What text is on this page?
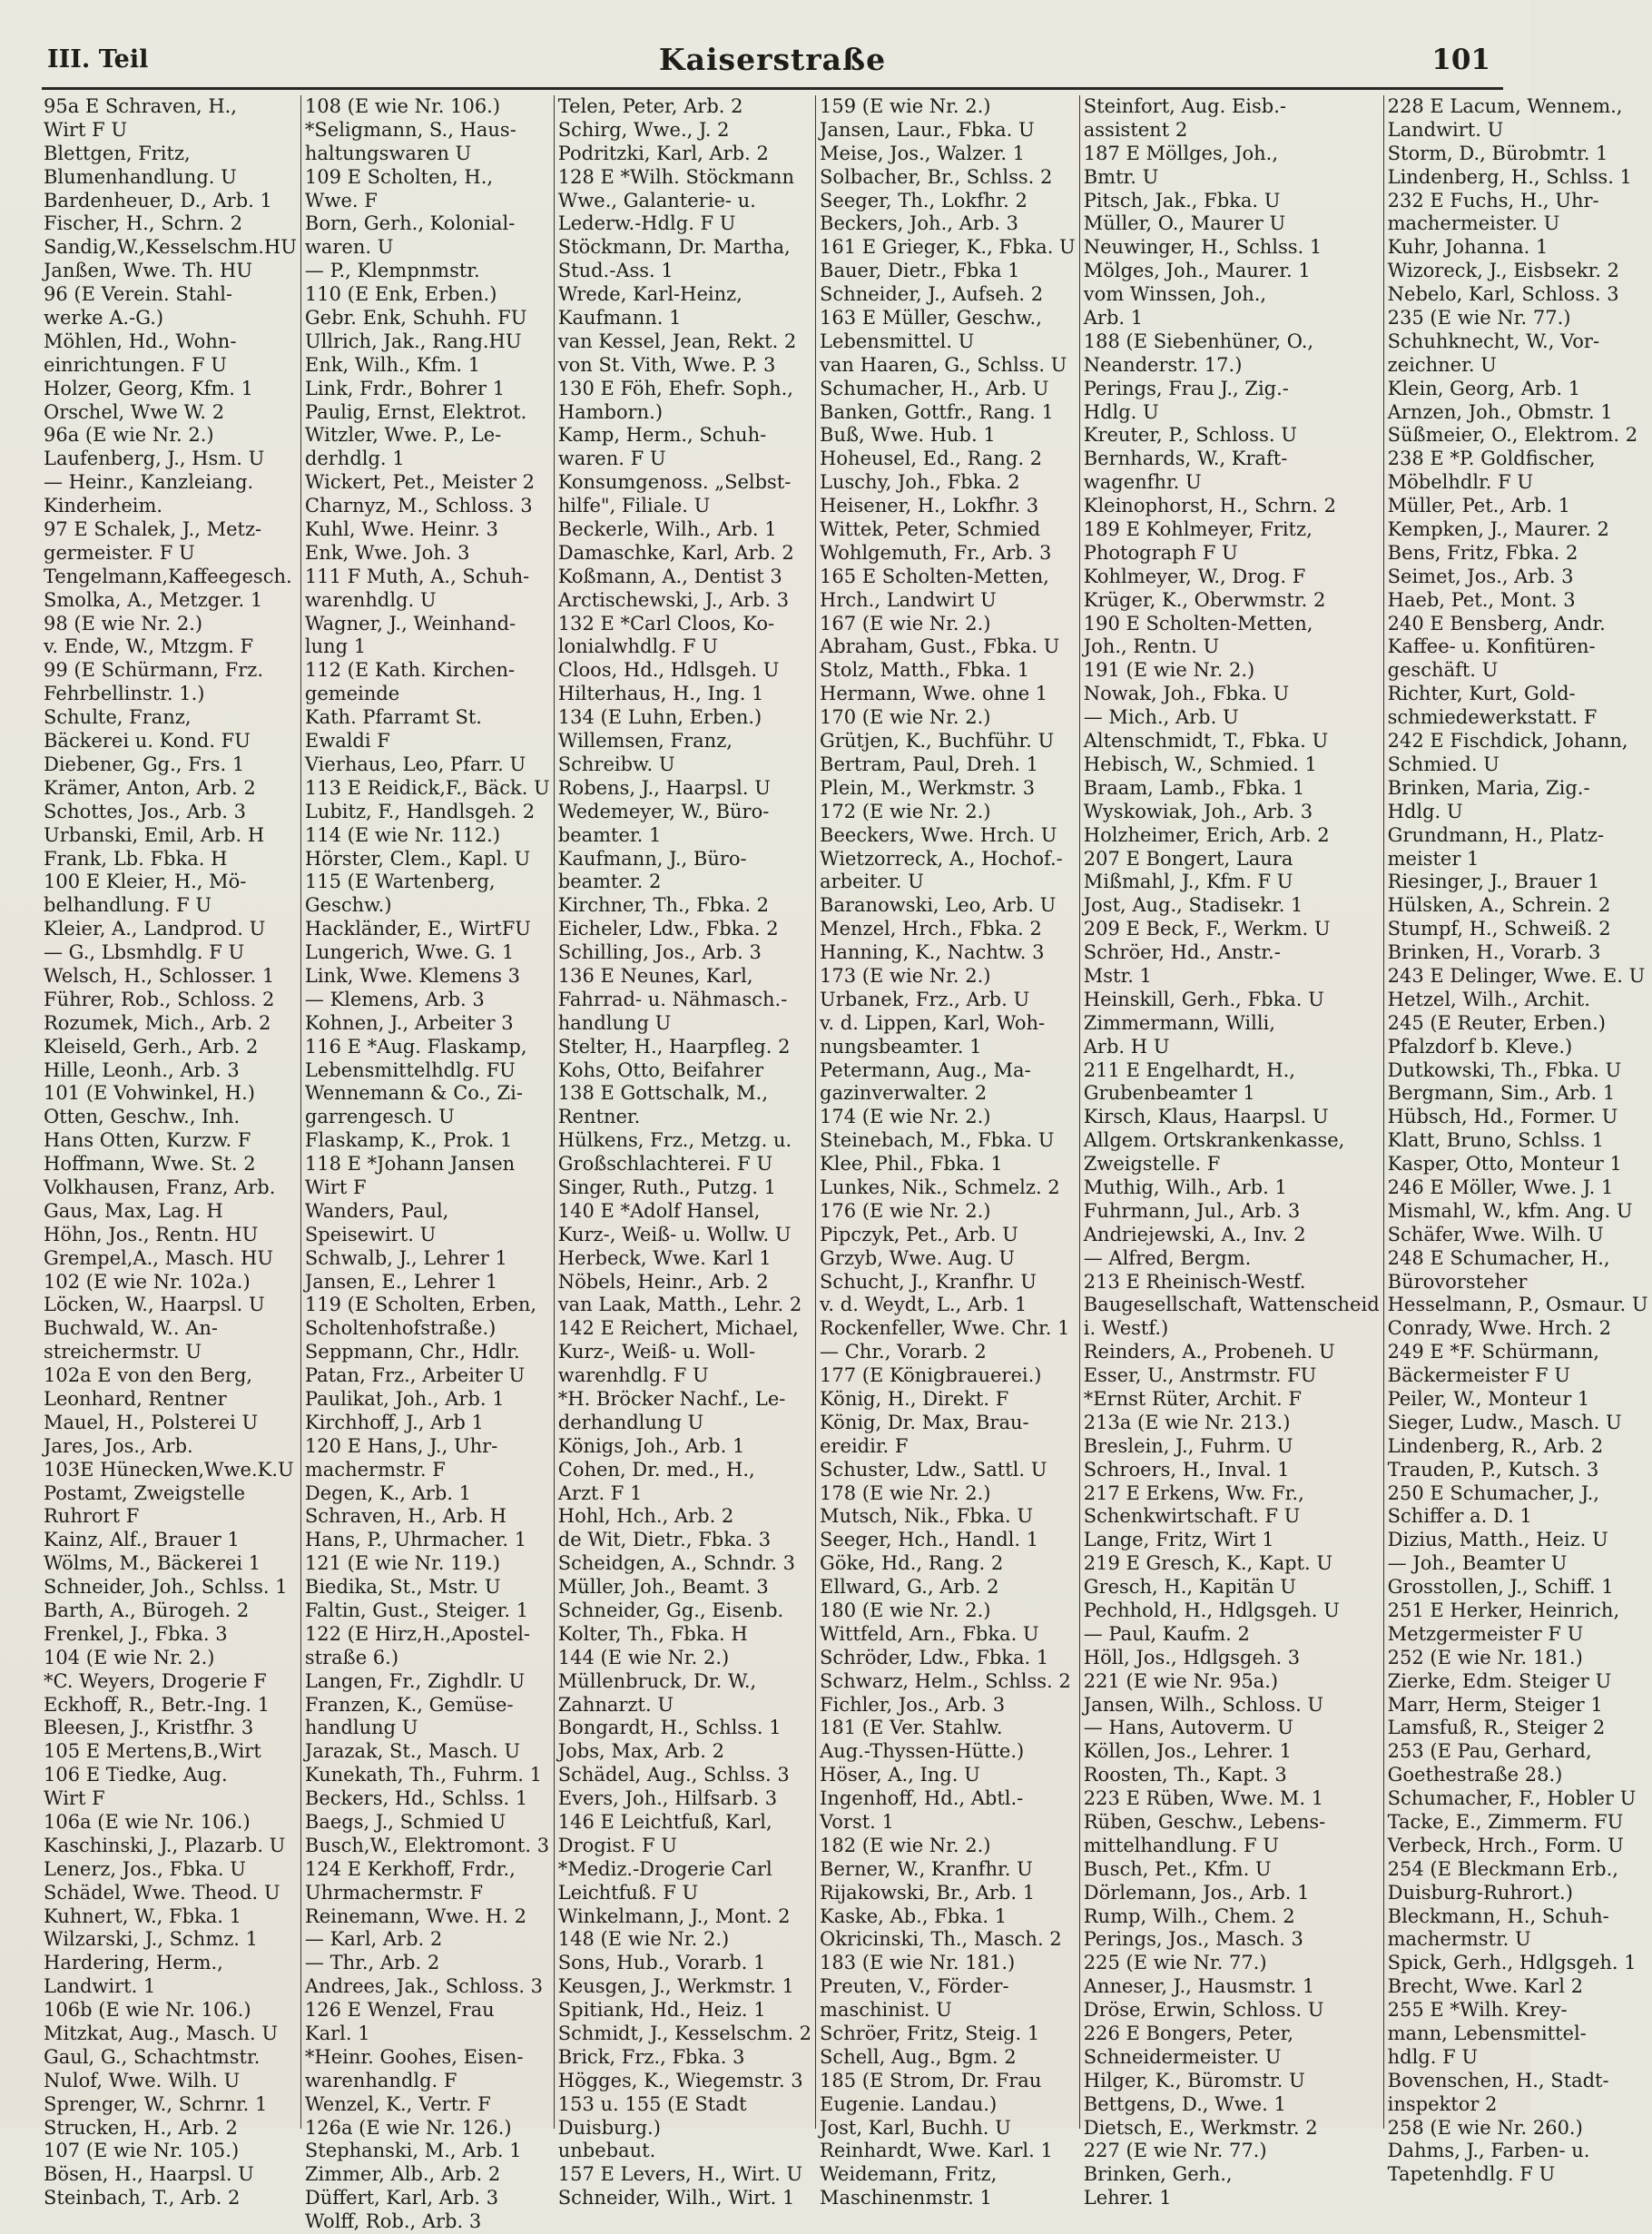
III. Teil	Kaiserstraße	101
95a E Schraven, H.,
Wirt F U
Blettgen, Fritz,
Blumenhandlung. U
Bardenheuer, D., Arb. 1
Fischer, H., Schrn. 2
Sandig,W.,Kesselschm.HU
Janßen, Wwe. Th. HU
96 (E Verein. Stahl-
werke A.-G.)
Möhlen, Hd., Wohn-
einrichtungen. F U
Holzer, Georg, Kfm. 1
Orschel, Wwe W. 2
96a (E wie Nr. 2.)
Laufenberg, J., Hsm. U
— Heinr., Kanzleiang.
Kinderheim.
97 E Schalek, J., Metz-
germeister. F U
Tengelmann,Kaffeegesch.
Smolka, A., Metzger. 1
98 (E wie Nr. 2.)
v. Ende, W., Mtzgm. F
99 (E Schürmann, Frz.
Fehrbellinstr. 1.)
Schulte, Franz,
Bäckerei u. Kond. FU
Diebener, Gg., Frs. 1
Krämer, Anton, Arb. 2
Schottes, Jos., Arb. 3
Urbanski, Emil, Arb. H
Frank, Lb. Fbka. H
100 E Kleier, H., Mö-
belhandlung. F U
Kleier, A., Landprod. U
— G., Lbsmhdlg. F U
Welsch, H., Schlosser. 1
Führer, Rob., Schloss. 2
Rozumek, Mich., Arb. 2
Kleiseld, Gerh., Arb. 2
Hille, Leonh., Arb. 3
101 (E Vohwinkel, H.)
Otten, Geschw., Inh.
Hans Otten, Kurzw. F
Hoffmann, Wwe. St. 2
Volkhausen, Franz, Arb.
Gaus, Max, Lag. H
Höhn, Jos., Rentn. HU
Grempel,A., Masch. HU
102 (E wie Nr. 102a.)
Löcken, W., Haarpsl. U
Buchwald, W.. An-
streichermstr. U
102a E von den Berg,
Leonhard, Rentner
Mauel, H., Polsterei U
Jares, Jos., Arb.
103E Hünecken,Wwe.K.U
Postamt, Zweigstelle
Ruhrort F
Kainz, Alf., Brauer 1
Wölms, M., Bäckerei 1
Schneider, Joh., Schlss. 1
Barth, A., Bürogeh. 2
Frenkel, J., Fbka. 3
104 (E wie Nr. 2.)
*C. Weyers, Drogerie F
Eckhoff, R., Betr.-Ing. 1
Bleesen, J., Kristfhr. 3
105 E Mertens,B.,Wirt
106 E Tiedke, Aug.
Wirt F
106a (E wie Nr. 106.)
Kaschinski, J., Plazarb. U
Lenerz, Jos., Fbka. U
Schädel, Wwe. Theod. U
Kuhnert, W., Fbka. 1
Wilzarski, J., Schmz. 1
Hardering, Herm.,
Landwirt. 1
106b (E wie Nr. 106.)
Mitzkat, Aug., Masch. U
Gaul, G., Schachtmstr.
Nulof, Wwe. Wilh. U
Sprenger, W., Schrnr. 1
Strucken, H., Arb. 2
107 (E wie Nr. 105.)
Bösen, H., Haarpsl. U
Steinbach, T., Arb. 2
108 (E wie Nr. 106.)
*Seligmann, S., Haus-
haltungswaren U
109 E Scholten, H.,
Wwe. F
Born, Gerh., Kolonial-
waren. U
— P., Klempnmstr.
110 (E Enk, Erben.)
Gebr. Enk, Schuhh. FU
Ullrich, Jak., Rang.HU
Enk, Wilh., Kfm. 1
Link, Frdr., Bohrer 1
Paulig, Ernst, Elektrot.
Witzler, Wwe. P., Le-
derhdlg. 1
Wickert, Pet., Meister 2
Charnyz, M., Schloss. 3
Kuhl, Wwe. Heinr. 3
Enk, Wwe. Joh. 3
111 F Muth, A., Schuh-
warenhdlg. U
Wagner, J., Weinhand-
lung 1
112 (E Kath. Kirchen-
gemeinde
Kath. Pfarramt St.
Ewaldi F
Vierhaus, Leo, Pfarr. U
113 E Reidick,F., Bäck. U
Lubitz, F., Handlsgeh. 2
114 (E wie Nr. 112.)
Hörster, Clem., Kapl. U
115 (E Wartenberg,
Geschw.)
Hackländer, E., WirtFU
Lungerich, Wwe. G. 1
Link, Wwe. Klemens 3
— Klemens, Arb. 3
Kohnen, J., Arbeiter 3
116 E *Aug. Flaskamp,
Lebensmittelhdlg. FU
Wennemann & Co., Zi-
garrengesch. U
Flaskamp, K., Prok. 1
118 E *Johann Jansen
Wirt F
Wanders, Paul,
Speisewirt. U
Schwalb, J., Lehrer 1
Jansen, E., Lehrer 1
119 (E Scholten, Erben,
Scholtenhofstraße.)
Seppmann, Chr., Hdlr.
Patan, Frz., Arbeiter U
Paulikat, Joh., Arb. 1
Kirchhoff, J., Arb 1
120 E Hans, J., Uhr-
machermstr. F
Degen, K., Arb. 1
Schraven, H., Arb. H
Hans, P., Uhrmacher. 1
121 (E wie Nr. 119.)
Biedika, St., Mstr. U
Faltin, Gust., Steiger. 1
122 (E Hirz,H.,Apostel-
straße 6.)
Langen, Fr., Zighdlr. U
Franzen, K., Gemüse-
handlung U
Jarazak, St., Masch. U
Kunekath, Th., Fuhrm. 1
Beckers, Hd., Schlss. 1
Baegs, J., Schmied U
Busch,W., Elektromont. 3
124 E Kerkhoff, Frdr.,
Uhrmachermstr. F
Reinemann, Wwe. H. 2
— Karl, Arb. 2
— Thr., Arb. 2
Andrees, Jak., Schloss. 3
126 E Wenzel, Frau
Karl. 1
*Heinr. Goohes, Eisen-
warenhandlg. F
Wenzel, K., Vertr. F
126a (E wie Nr. 126.)
Stephanski, M., Arb. 1
Zimmer, Alb., Arb. 2
Düffert, Karl, Arb. 3
Wolff, Rob., Arb. 3
Telen, Peter, Arb. 2
Schirg, Wwe., J. 2
Podritzki, Karl, Arb. 2
128 E *Wilh. Stöckmann
Wwe., Galanterie- u.
Lederw.-Hdlg. F U
Stöckmann, Dr. Martha,
Stud.-Ass. 1
Wrede, Karl-Heinz,
Kaufmann. 1
van Kessel, Jean, Rekt. 2
von St. Vith, Wwe. P. 3
130 E Föh, Ehefr. Soph.,
Hamborn.)
Kamp, Herm., Schuh-
waren. F U
Konsumgenoss. „Selbst-
hilfe", Filiale. U
Beckerle, Wilh., Arb. 1
Damaschke, Karl, Arb. 2
Koßmann, A., Dentist 3
Arctischewski, J., Arb. 3
132 E *Carl Cloos, Ko-
lonialwhdlg. F U
Cloos, Hd., Hdlsgeh. U
Hilterhaus, H., Ing. 1
134 (E Luhn, Erben.)
Willemsen, Franz,
Schreibw. U
Robens, J., Haarpsl. U
Wedemeyer, W., Büro-
beamter. 1
Kaufmann, J., Büro-
beamter. 2
Kirchner, Th., Fbka. 2
Eicheler, Ldw., Fbka. 2
Schilling, Jos., Arb. 3
136 E Neunes, Karl,
Fahrrad- u. Nähmasch.-
handlung U
Stelter, H., Haarpfleg. 2
Kohs, Otto, Beifahrer
138 E Gottschalk, M.,
Rentner.
Hülkens, Frz., Metzg. u.
Großschlachterei. F U
Singer, Ruth., Putzg. 1
140 E *Adolf Hansel,
Kurz-, Weiß- u. Wollw. U
Herbeck, Wwe. Karl 1
Nöbels, Heinr., Arb. 2
van Laak, Matth., Lehr. 2
142 E Reichert, Michael,
Kurz-, Weiß- u. Woll-
warenhdlg. F U
*H. Bröcker Nachf., Le-
derhandlung U
Königs, Joh., Arb. 1
Cohen, Dr. med., H.,
Arzt. F 1
Hohl, Hch., Arb. 2
de Wit, Dietr., Fbka. 3
Scheidgen, A., Schndr. 3
Müller, Joh., Beamt. 3
Schneider, Gg., Eisenb.
Kolter, Th., Fbka. H
144 (E wie Nr. 2.)
Müllenbruck, Dr. W.,
Zahnarzt. U
Bongardt, H., Schlss. 1
Jobs, Max, Arb. 2
Schädel, Aug., Schlss. 3
Evers, Joh., Hilfsarb. 3
146 E Leichtfuß, Karl,
Drogist. F U
*Mediz.-Drogerie Carl
Leichtfuß. F U
Winkelmann, J., Mont. 2
148 (E wie Nr. 2.)
Sons, Hub., Vorarb. 1
Keusgen, J., Werkmstr. 1
Spitiank, Hd., Heiz. 1
Schmidt, J., Kesselschm. 2
Brick, Frz., Fbka. 3
Högges, K., Wiegemstr. 3
153 u. 155 (E Stadt
Duisburg.)
unbebaut.
157 E Levers, H., Wirt. U
Schneider, Wilh., Wirt. 1
159 (E wie Nr. 2.)
Jansen, Laur., Fbka. U
Meise, Jos., Walzer. 1
Solbacher, Br., Schlss. 2
Seeger, Th., Lokfhr. 2
Beckers, Joh., Arb. 3
161 E Grieger, K., Fbka. U
Bauer, Dietr., Fbka 1
Schneider, J., Aufseh. 2
163 E Müller, Geschw.,
Lebensmittel. U
van Haaren, G., Schlss. U
Schumacher, H., Arb. U
Banken, Gottfr., Rang. 1
Buß, Wwe. Hub. 1
Hoheusel, Ed., Rang. 2
Luschy, Joh., Fbka. 2
Heisener, H., Lokfhr. 3
Wittek, Peter, Schmied
Wohlgemuth, Fr., Arb. 3
165 E Scholten-Metten,
Hrch., Landwirt U
167 (E wie Nr. 2.)
Abraham, Gust., Fbka. U
Stolz, Matth., Fbka. 1
Hermann, Wwe. ohne 1
170 (E wie Nr. 2.)
Grütjen, K., Buchführ. U
Bertram, Paul, Dreh. 1
Plein, M., Werkmstr. 3
172 (E wie Nr. 2.)
Beeckers, Wwe. Hrch. U
Wietzorreck, A., Hochof.-
arbeiter. U
Baranowski, Leo, Arb. U
Menzel, Hrch., Fbka. 2
Hanning, K., Nachtw. 3
173 (E wie Nr. 2.)
Urbanek, Frz., Arb. U
v. d. Lippen, Karl, Woh-
nungsbeamter. 1
Petermann, Aug., Ma-
gazinverwalter. 2
174 (E wie Nr. 2.)
Steinebach, M., Fbka. U
Klee, Phil., Fbka. 1
Lunkes, Nik., Schmelz. 2
176 (E wie Nr. 2.)
Pipczyk, Pet., Arb. U
Grzyb, Wwe. Aug. U
Schucht, J., Kranfhr. U
v. d. Weydt, L., Arb. 1
Rockenfeller, Wwe. Chr. 1
— Chr., Vorarb. 2
177 (E Königbrauerei.)
König, H., Direkt. F
König, Dr. Max, Brau-
ereidir. F
Schuster, Ldw., Sattl. U
178 (E wie Nr. 2.)
Mutsch, Nik., Fbka. U
Seeger, Hch., Handl. 1
Göke, Hd., Rang. 2
Ellward, G., Arb. 2
180 (E wie Nr. 2.)
Wittfeld, Arn., Fbka. U
Schröder, Ldw., Fbka. 1
Schwarz, Helm., Schlss. 2
Fichler, Jos., Arb. 3
181 (E Ver. Stahlw.
Aug.-Thyssen-Hütte.)
Höser, A., Ing. U
Ingenhoff, Hd., Abtl.-
Vorst. 1
182 (E wie Nr. 2.)
Berner, W., Kranfhr. U
Rijakowski, Br., Arb. 1
Kaske, Ab., Fbka. 1
Okricinski, Th., Masch. 2
183 (E wie Nr. 181.)
Preuten, V., Förder-
maschinist. U
Schröer, Fritz, Steig. 1
Schell, Aug., Bgm. 2
185 (E Strom, Dr. Frau
Eugenie. Landau.)
Jost, Karl, Buchh. U
Reinhardt, Wwe. Karl. 1
Weidemann, Fritz,
Maschinenmstr. 1
Steinfort, Aug. Eisb.-
assistent 2
187 E Möllges, Joh.,
Bmtr. U
Pitsch, Jak., Fbka. U
Müller, O., Maurer U
Neuwinger, H., Schlss. 1
Mölges, Joh., Maurer. 1
vom Winssen, Joh.,
Arb. 1
188 (E Siebenhüner, O.,
Neanderstr. 17.)
Perings, Frau J., Zig.-
Hdlg. U
Kreuter, P., Schloss. U
Bernhards, W., Kraft-
wagenfhr. U
Kleinophorst, H., Schrn. 2
189 E Kohlmeyer, Fritz,
Photograph F U
Kohlmeyer, W., Drog. F
Krüger, K., Oberwmstr. 2
190 E Scholten-Metten,
Joh., Rentn. U
191 (E wie Nr. 2.)
Nowak, Joh., Fbka. U
— Mich., Arb. U
Altenschmidt, T., Fbka. U
Hebisch, W., Schmied. 1
Braam, Lamb., Fbka. 1
Wyskowiak, Joh., Arb. 3
Holzheimer, Erich, Arb. 2
207 E Bongert, Laura
Mißmahl, J., Kfm. F U
Jost, Aug., Stadisekr. 1
209 E Beck, F., Werkm. U
Schröer, Hd., Anstr.-
Mstr. 1
Heinskill, Gerh., Fbka. U
Zimmermann, Willi,
Arb. H U
211 E Engelhardt, H.,
Grubenbeamter 1
Kirsch, Klaus, Haarpsl. U
Allgem. Ortskrankenkasse,
Zweigstelle. F
Muthig, Wilh., Arb. 1
Fuhrmann, Jul., Arb. 3
Andriejewski, A., Inv. 2
— Alfred, Bergm.
213 E Rheinisch-Westf.
Baugesellschaft, Wattenscheid
i. Westf.)
Reinders, A., Probeneh. U
Esser, U., Anstrmstr. FU
*Ernst Rüter, Archit. F
213a (E wie Nr. 213.)
Breslein, J., Fuhrm. U
Schroers, H., Inval. 1
217 E Erkens, Ww. Fr.,
Schenkwirtschaft. F U
Lange, Fritz, Wirt 1
219 E Gresch, K., Kapt. U
Gresch, H., Kapitän U
Pechhold, H., Hdlgsgeh. U
— Paul, Kaufm. 2
Höll, Jos., Hdlgsgeh. 3
221 (E wie Nr. 95a.)
Jansen, Wilh., Schloss. U
— Hans, Autoverm. U
Köllen, Jos., Lehrer. 1
Roosten, Th., Kapt. 3
223 E Rüben, Wwe. M. 1
Rüben, Geschw., Lebens-
mittelhandlung. F U
Busch, Pet., Kfm. U
Dörlemann, Jos., Arb. 1
Rump, Wilh., Chem. 2
Perings, Jos., Masch. 3
225 (E wie Nr. 77.)
Anneser, J., Hausmstr. 1
Dröse, Erwin, Schloss. U
226 E Bongers, Peter,
Schneidermeister. U
Hilger, K., Büromstr. U
Bettgens, D., Wwe. 1
Dietsch, E., Werkmstr. 2
227 (E wie Nr. 77.)
Brinken, Gerh.,
Lehrer. 1
228 E Lacum, Wennem.,
Landwirt. U
Storm, D., Bürobmtr. 1
Lindenberg, H., Schlss. 1
232 E Fuchs, H., Uhr-
machermeister. U
Kuhr, Johanna. 1
Wizoreck, J., Eisbsekr. 2
Nebelo, Karl, Schloss. 3
235 (E wie Nr. 77.)
Schuhknecht, W., Vor-
zeichner. U
Klein, Georg, Arb. 1
Arnzen, Joh., Obmstr. 1
Süßmeier, O., Elektrom. 2
238 E *P. Goldfischer,
Möbelhdlr. F U
Müller, Pet., Arb. 1
Kempken, J., Maurer. 2
Bens, Fritz, Fbka. 2
Seimet, Jos., Arb. 3
Haeb, Pet., Mont. 3
240 E Bensberg, Andr.
Kaffee- u. Konfitüren-
geschäft. U
Richter, Kurt, Gold-
schmiedewerkstatt. F
242 E Fischdick, Johann,
Schmied. U
Brinken, Maria, Zig.-
Hdlg. U
Grundmann, H., Platz-
meister 1
Riesinger, J., Brauer 1
Hülsken, A., Schrein. 2
Stumpf, H., Schweiß. 2
Brinken, H., Vorarb. 3
243 E Delinger, Wwe. E. U
Hetzel, Wilh., Archit.
245 (E Reuter, Erben.)
Pfalzdorf b. Kleve.)
Dutkowski, Th., Fbka. U
Bergmann, Sim., Arb. 1
Hübsch, Hd., Former. U
Klatt, Bruno, Schlss. 1
Kasper, Otto, Monteur 1
246 E Möller, Wwe. J. 1
Mismahl, W., kfm. Ang. U
Schäfer, Wwe. Wilh. U
248 E Schumacher, H.,
Bürovorsteher
Hesselmann, P., Osmaur. U
Conrady, Wwe. Hrch. 2
249 E *F. Schürmann,
Bäckermeister F U
Peiler, W., Monteur 1
Sieger, Ludw., Masch. U
Lindenberg, R., Arb. 2
Trauden, P., Kutsch. 3
250 E Schumacher, J.,
Schiffer a. D. 1
Dizius, Matth., Heiz. U
— Joh., Beamter U
Grosstollen, J., Schiff. 1
251 E Herker, Heinrich,
Metzgermeister F U
252 (E wie Nr. 181.)
Zierke, Edm. Steiger U
Marr, Herm, Steiger 1
Lamsfuß, R., Steiger 2
253 (E Pau, Gerhard,
Goethestraße 28.)
Schumacher, F., Hobler U
Tacke, E., Zimmerm. FU
Verbeck, Hrch., Form. U
254 (E Bleckmann Erb.,
Duisburg-Ruhrort.)
Bleckmann, H., Schuh-
machermstr. U
Spick, Gerh., Hdlgsgeh. 1
Brecht, Wwe. Karl 2
255 E *Wilh. Krey-
mann, Lebensmittel-
hdlg. F U
Bovenschen, H., Stadt-
inspektor 2
258 (E wie Nr. 260.)
Dahms, J., Farben- u.
Tapetenhdlg. F U
